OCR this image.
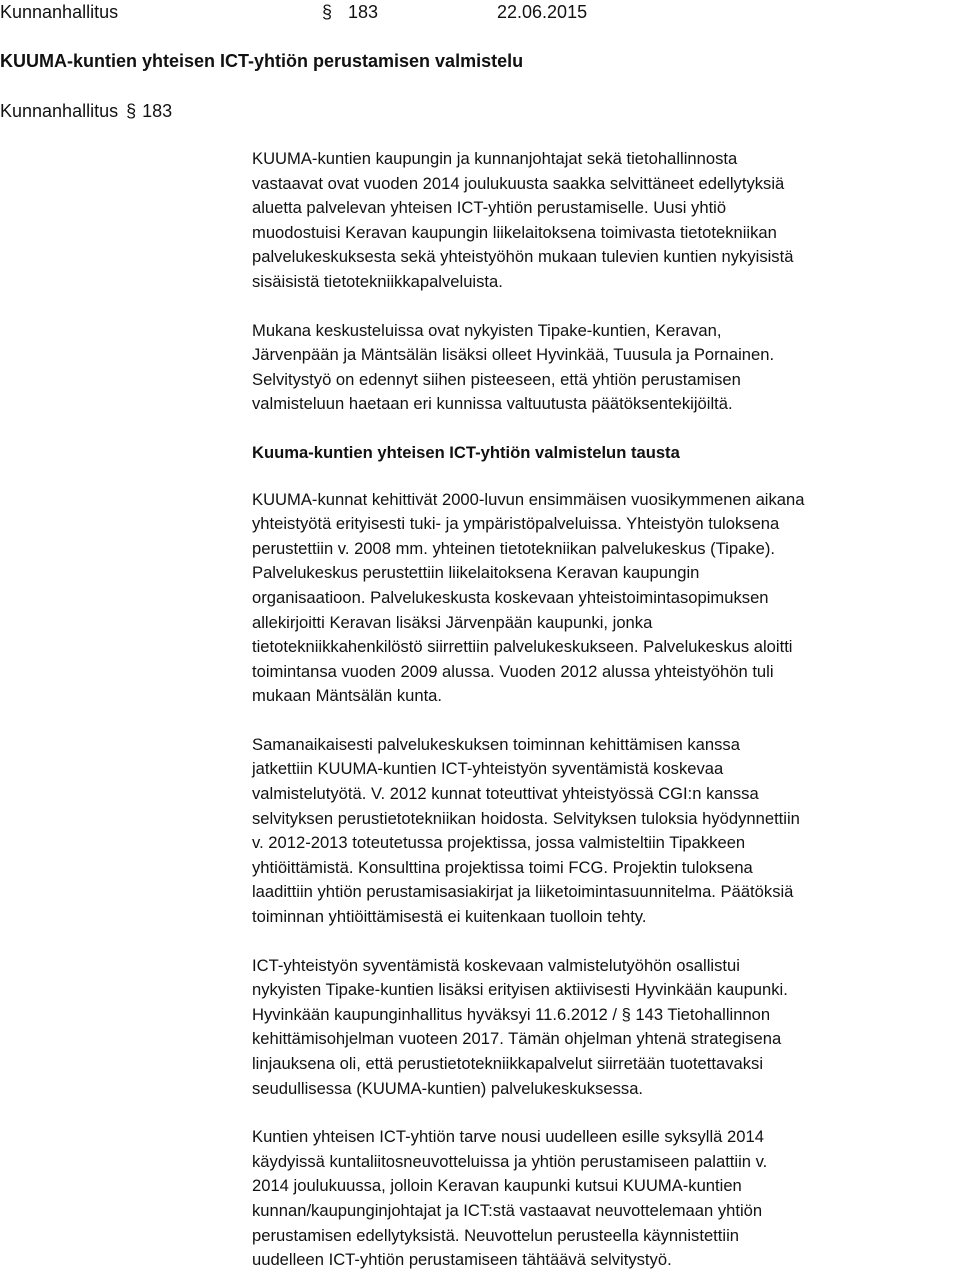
Kunnanhallitus	§ 183	22.06.2015
KUUMA-kuntien yhteisen ICT-yhtiön perustamisen valmistelu
Kunnanhallitus § 183
KUUMA-kuntien kaupungin ja kunnanjohtajat sekä tietohallinnosta
vastaavat ovat vuoden 2014 joulukuusta saakka selvittäneet edellytyksiä
aluetta palvelevan yhteisen ICT-yhtiön perustamiselle. Uusi yhtiö
muodostuisi Keravan kaupungin liikelaitoksena toimivasta tietotekniikan
palvelukeskuksesta sekä yhteistyöhön mukaan tulevien kuntien nykyisistä
sisäisistä tietotekniikkapalveluista.
Mukana keskusteluissa ovat nykyisten Tipake-kuntien, Keravan,
Järvenpään ja Mäntsälän lisäksi olleet Hyvinkää, Tuusula ja Pornainen.
Selvitystyö on edennyt siihen pisteeseen, että yhtiön perustamisen
valmisteluun haetaan eri kunnissa valtuutusta päätöksentekijöiltä.
Kuuma-kuntien yhteisen ICT-yhtiön valmistelun tausta
KUUMA-kunnat kehittivät 2000-luvun ensimmäisen vuosikymmenen aikana
yhteistyötä erityisesti tuki- ja ympäristöpalveluissa. Yhteistyön tuloksena
perustettiin v. 2008 mm. yhteinen tietotekniikan palvelukeskus (Tipake).
Palvelukeskus perustettiin liikelaitoksena Keravan kaupungin
organisaatioon. Palvelukeskusta koskevaan yhteistoimintasopimuksen
allekirjoitti Keravan lisäksi Järvenpään kaupunki, jonka
tietotekniikkahenkilöstö siirrettiin palvelukeskukseen. Palvelukeskus aloitti
toimintansa vuoden 2009 alussa. Vuoden 2012 alussa yhteistyöhön tuli
mukaan Mäntsälän kunta.
Samanaikaisesti palvelukeskuksen toiminnan kehittämisen kanssa
jatkettiin KUUMA-kuntien ICT-yhteistyön syventämistä koskevaa
valmistelutyötä. V. 2012 kunnat toteuttivat yhteistyössä CGI:n kanssa
selvityksen perustietotekniikan hoidosta. Selvityksen tuloksia hyödynnettiin
v. 2012-2013 toteutetussa projektissa, jossa valmisteltiin Tipakkeen
yhtiöittämistä. Konsulttina projektissa toimi FCG. Projektin tuloksena
laadittiin yhtiön perustamisasiakirjat ja liiketoimintasuunnitelma. Päätöksiä
toiminnan yhtiöittämisestä ei kuitenkaan tuolloin tehty.
ICT-yhteistyön syventämistä koskevaan valmistelutyöhön osallistui
nykyisten Tipake-kuntien lisäksi erityisen aktiivisesti Hyvinkään kaupunki.
Hyvinkään kaupunginhallitus hyväksyi 11.6.2012 / § 143 Tietohallinnon
kehittämisohjelman vuoteen 2017. Tämän ohjelman yhtenä strategisena
linjauksena oli, että perustietotekniikkapalvelut siirretään tuotettavaksi
seudullisessa (KUUMA-kuntien) palvelukeskuksessa.
Kuntien yhteisen ICT-yhtiön tarve nousi uudelleen esille syksyllä 2014
käydyissä kuntaliitosneuvotteluissa ja yhtiön perustamiseen palattiin v.
2014 joulukuussa, jolloin Keravan kaupunki kutsui KUUMA-kuntien
kunnan/kaupunginjohtajat ja ICT:stä vastaavat neuvottelemaan yhtiön
perustamisen edellytyksistä. Neuvottelun perusteella käynnistettiin
uudelleen ICT-yhtiön perustamiseen tähtäävä selvitystyö.
